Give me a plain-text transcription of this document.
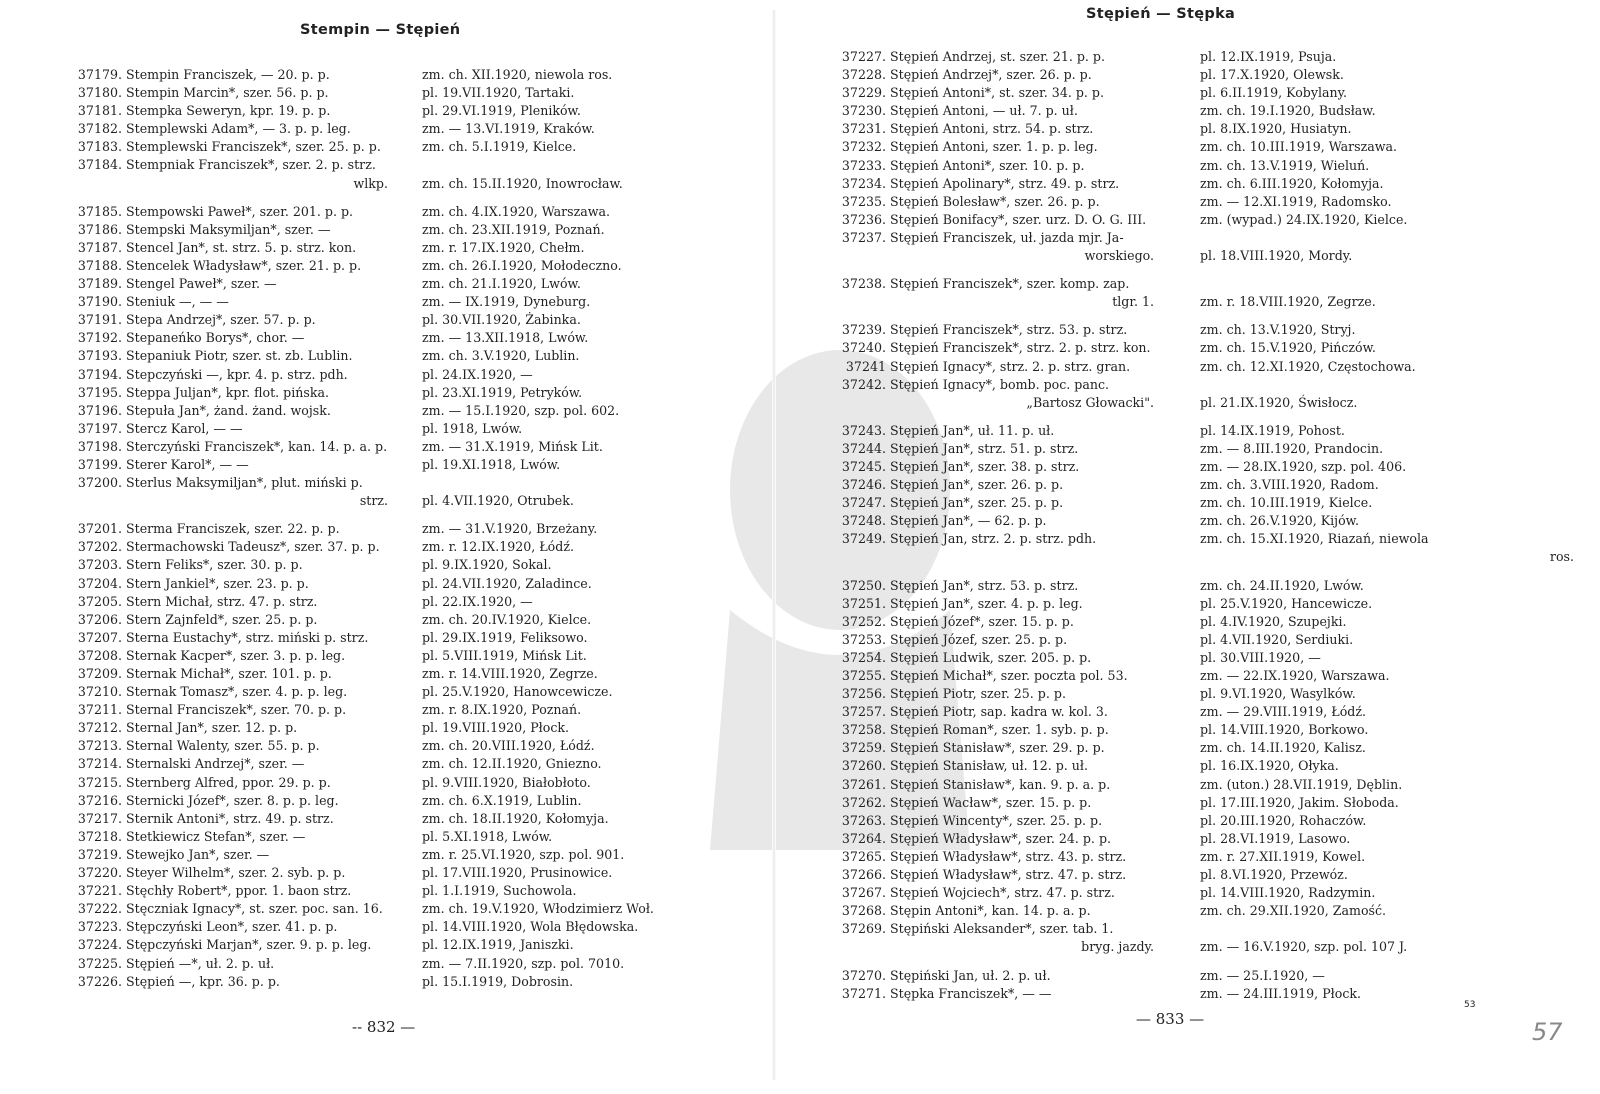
Stempin — Stępień
37179. Stempin Franciszek, — 20. p. p.	zm. ch. XII.1920, niewola ros.
37180. Stempin Marcin*, szer. 56. p. p.	pl. 19.VII.1920, Tartaki.
37181. Stempka Seweryn, kpr. 19. p. p.	pl. 29.VI.1919, Pleników.
37182. Stemplewski Adam*, — 3. p. p. leg.	zm. — 13.VI.1919, Kraków.
37183. Stemplewski Franciszek*, szer. 25. p. p.	zm. ch. 5.I.1919, Kielce.
37184. Stempniak Franciszek*, szer. 2. p. strz.
wlkp.	zm. ch. 15.II.1920, Inowrocław.
37185. Stempowski Paweł*, szer. 201. p. p.	zm. ch. 4.IX.1920, Warszawa.
37186. Stempski Maksymiljan*, szer. —	zm. ch. 23.XII.1919, Poznań.
37187. Stencel Jan*, st. strz. 5. p. strz. kon.	zm. r. 17.IX.1920, Chełm.
37188. Stencelek Władysław*, szer. 21. p. p.	zm. ch. 26.I.1920, Mołodeczno.
37189. Stengel Paweł*, szer. —	zm. ch. 21.I.1920, Lwów.
37190. Steniuk —, — —	zm. — IX.1919, Dyneburg.
37191. Stepa Andrzej*, szer. 57. p. p.	pl. 30.VII.1920, Żabinka.
37192. Stepaneńko Borys*, chor. —	zm. — 13.XII.1918, Lwów.
37193. Stepaniuk Piotr, szer. st. zb. Lublin.	zm. ch. 3.V.1920, Lublin.
37194. Stepczyński —, kpr. 4. p. strz. pdh.	pl. 24.IX.1920, —
37195. Steppa Juljan*, kpr. flot. pińska.	pl. 23.XI.1919, Petryków.
37196. Stepuła Jan*, żand. żand. wojsk.	zm. — 15.I.1920, szp. pol. 602.
37197. Stercz Karol, — —	pl. 1918, Lwów.
37198. Sterczyński Franciszek*, kan. 14. p. a. p.	zm. — 31.X.1919, Mińsk Lit.
37199. Sterer Karol*, — —	pl. 19.XI.1918, Lwów.
37200. Sterlus Maksymiljan*, plut. miński p.
strz.	pl. 4.VII.1920, Otrubek.
37201. Sterma Franciszek, szer. 22. p. p.	zm. — 31.V.1920, Brzeżany.
37202. Stermachowski Tadeusz*, szer. 37. p. p.	zm. r. 12.IX.1920, Łódź.
37203. Stern Feliks*, szer. 30. p. p.	pl. 9.IX.1920, Sokal.
37204. Stern Jankiel*, szer. 23. p. p.	pl. 24.VII.1920, Zaladince.
37205. Stern Michał, strz. 47. p. strz.	pl. 22.IX.1920, —
37206. Stern Zajnfeld*, szer. 25. p. p.	zm. ch. 20.IV.1920, Kielce.
37207. Sterna Eustachy*, strz. miński p. strz.	pl. 29.IX.1919, Feliksowo.
37208. Sternak Kacper*, szer. 3. p. p. leg.	pl. 5.VIII.1919, Mińsk Lit.
37209. Sternak Michał*, szer. 101. p. p.	zm. r. 14.VIII.1920, Zegrze.
37210. Sternak Tomasz*, szer. 4. p. p. leg.	pl. 25.V.1920, Hanowcewicze.
37211. Sternal Franciszek*, szer. 70. p. p.	zm. r. 8.IX.1920, Poznań.
37212. Sternal Jan*, szer. 12. p. p.	pl. 19.VIII.1920, Płock.
37213. Sternal Walenty, szer. 55. p. p.	zm. ch. 20.VIII.1920, Łódź.
37214. Sternalski Andrzej*, szer. —	zm. ch. 12.II.1920, Gniezno.
37215. Sternberg Alfred, ppor. 29. p. p.	pl. 9.VIII.1920, Białobłoto.
37216. Sternicki Józef*, szer. 8. p. p. leg.	zm. ch. 6.X.1919, Lublin.
37217. Sternik Antoni*, strz. 49. p. strz.	zm. ch. 18.II.1920, Kołomyja.
37218. Stetkiewicz Stefan*, szer. —	pl. 5.XI.1918, Lwów.
37219. Stewejko Jan*, szer. —	zm. r. 25.VI.1920, szp. pol. 901.
37220. Steyer Wilhelm*, szer. 2. syb. p. p.	pl. 17.VIII.1920, Prusinowice.
37221. Stęchły Robert*, ppor. 1. baon strz.	pl. 1.I.1919, Suchowola.
37222. Stęczniak Ignacy*, st. szer. poc. san. 16.	zm. ch. 19.V.1920, Włodzimierz Woł.
37223. Stępczyński Leon*, szer. 41. p. p.	pl. 14.VIII.1920, Wola Błędowska.
37224. Stępczyński Marjan*, szer. 9. p. p. leg.	pl. 12.IX.1919, Janiszki.
37225. Stępień —*, uł. 2. p. uł.	zm. — 7.II.1920, szp. pol. 7010.
37226. Stępień —, kpr. 36. p. p.	pl. 15.I.1919, Dobrosin.
-- 832 —
Stępień — Stępka
37227. Stępień Andrzej, st. szer. 21. p. p.	pl. 12.IX.1919, Psuja.
37228. Stępień Andrzej*, szer. 26. p. p.	pl. 17.X.1920, Olewsk.
37229. Stępień Antoni*, st. szer. 34. p. p.	pl. 6.II.1919, Kobylany.
37230. Stępień Antoni, — uł. 7. p. uł.	zm. ch. 19.I.1920, Budsław.
37231. Stępień Antoni, strz. 54. p. strz.	pl. 8.IX.1920, Husiatyn.
37232. Stępień Antoni, szer. 1. p. p. leg.	zm. ch. 10.III.1919, Warszawa.
37233. Stępień Antoni*, szer. 10. p. p.	zm. ch. 13.V.1919, Wieluń.
37234. Stępień Apolinary*, strz. 49. p. strz.	zm. ch. 6.III.1920, Kołomyja.
37235. Stępień Bolesław*, szer. 26. p. p.	zm. — 12.XI.1919, Radomsko.
37236. Stępień Bonifacy*, szer. urz. D. O. G. III.	zm. (wypad.) 24.IX.1920, Kielce.
37237. Stępień Franciszek, uł. jazda mjr. Ja-
worskiego.	pl. 18.VIII.1920, Mordy.
37238. Stępień Franciszek*, szer. komp. zap.
tlgr. 1.	zm. r. 18.VIII.1920, Zegrze.
37239. Stępień Franciszek*, strz. 53. p. strz.	zm. ch. 13.V.1920, Stryj.
37240. Stępień Franciszek*, strz. 2. p. strz. kon.	zm. ch. 15.V.1920, Pińczów.
37241 Stępień Ignacy*, strz. 2. p. strz. gran.	zm. ch. 12.XI.1920, Częstochowa.
37242. Stępień Ignacy*, bomb. poc. panc.
„Bartosz Głowacki".	pl. 21.IX.1920, Świsłocz.
37243. Stępień Jan*, uł. 11. p. uł.	pl. 14.IX.1919, Pohost.
37244. Stępień Jan*, strz. 51. p. strz.	zm. — 8.III.1920, Prandocin.
37245. Stępień Jan*, szer. 38. p. strz.	zm. — 28.IX.1920, szp. pol. 406.
37246. Stępień Jan*, szer. 26. p. p.	zm. ch. 3.VIII.1920, Radom.
37247. Stępień Jan*, szer. 25. p. p.	zm. ch. 10.III.1919, Kielce.
37248. Stępień Jan*, — 62. p. p.	zm. ch. 26.V.1920, Kijów.
37249. Stępień Jan, strz. 2. p. strz. pdh.	zm. ch. 15.XI.1920, Riazań, niewola
ros.
37250. Stępień Jan*, strz. 53. p. strz.	zm. ch. 24.II.1920, Lwów.
37251. Stępień Jan*, szer. 4. p. p. leg.	pl. 25.V.1920, Hancewicze.
37252. Stępień Józef*, szer. 15. p. p.	pl. 4.IV.1920, Szupejki.
37253. Stępień Józef, szer. 25. p. p.	pl. 4.VII.1920, Serdiuki.
37254. Stępień Ludwik, szer. 205. p. p.	pl. 30.VIII.1920, —
37255. Stępień Michał*, szer. poczta pol. 53.	zm. — 22.IX.1920, Warszawa.
37256. Stępień Piotr, szer. 25. p. p.	pl. 9.VI.1920, Wasylków.
37257. Stępień Piotr, sap. kadra w. kol. 3.	zm. — 29.VIII.1919, Łódź.
37258. Stępień Roman*, szer. 1. syb. p. p.	pl. 14.VIII.1920, Borkowo.
37259. Stępień Stanisław*, szer. 29. p. p.	zm. ch. 14.II.1920, Kalisz.
37260. Stępień Stanisław, uł. 12. p. uł.	pl. 16.IX.1920, Ołyka.
37261. Stępień Stanisław*, kan. 9. p. a. p.	zm. (uton.) 28.VII.1919, Dęblin.
37262. Stępień Wacław*, szer. 15. p. p.	pl. 17.III.1920, Jakim. Słoboda.
37263. Stępień Wincenty*, szer. 25. p. p.	pl. 20.III.1920, Rohaczów.
37264. Stępień Władysław*, szer. 24. p. p.	pl. 28.VI.1919, Lasowo.
37265. Stępień Władysław*, strz. 43. p. strz.	zm. r. 27.XII.1919, Kowel.
37266. Stępień Władysław*, strz. 47. p. strz.	pl. 8.VI.1920, Przewóz.
37267. Stępień Wojciech*, strz. 47. p. strz.	pl. 14.VIII.1920, Radzymin.
37268. Stępin Antoni*, kan. 14. p. a. p.	zm. ch. 29.XII.1920, Zamość.
37269. Stępiński Aleksander*, szer. tab. 1.
bryg. jazdy.	zm. — 16.V.1920, szp. pol. 107 J.
37270. Stępiński Jan, uł. 2. p. uł.	zm. — 25.I.1920, —
37271. Stępka Franciszek*, — —	zm. — 24.III.1919, Płock.
— 833 —
53
57
